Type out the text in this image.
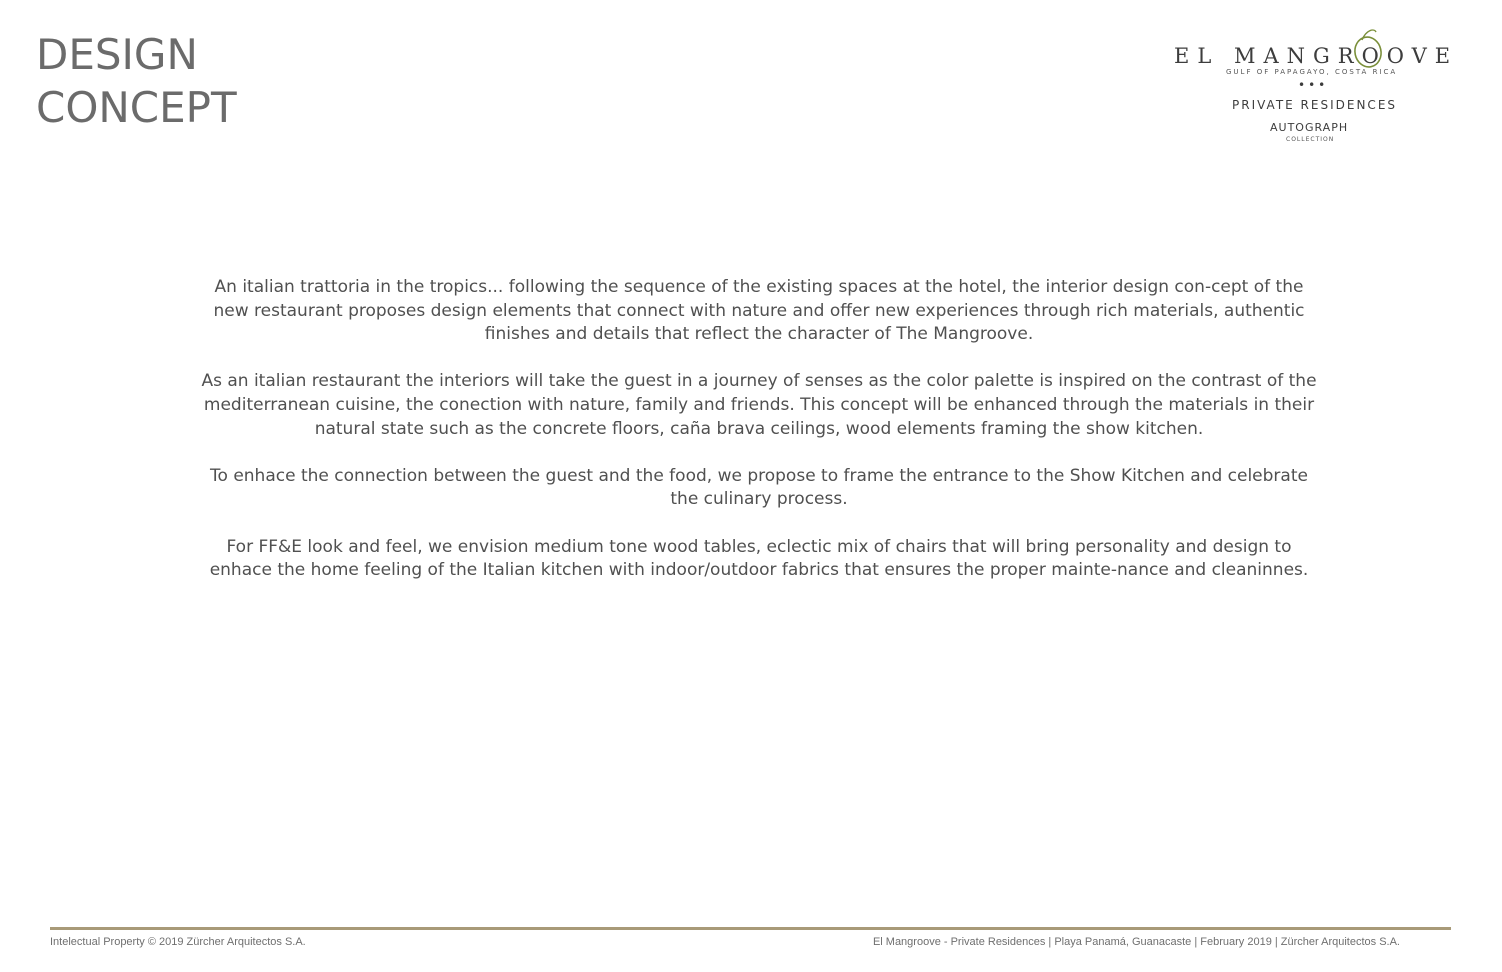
DESIGN
CONCEPT
EL MANGROOVE
GULF OF PAPAGAYO, COSTA RICA
•••
PRIVATE RESIDENCES
AUTOGRAPH
COLLECTION

An italian trattoria in the tropics... following the sequence of the existing spaces at the hotel, the interior design con-cept of the new restaurant proposes design elements that connect with nature and offer new experiences through rich materials, authentic finishes and details that reflect the character of The Mangroove.

As an italian restaurant the interiors will take the guest in a journey of senses as the color palette is inspired on the contrast of the mediterranean cuisine, the conection with nature, family and friends. This concept will be enhanced through the materials in their natural state such as the concrete floors, caña brava ceilings, wood elements framing the show kitchen.

To enhace the connection between the guest and the food, we propose to frame the entrance to the Show Kitchen and celebrate the culinary process.

For FF&E look and feel, we envision medium tone wood tables, eclectic mix of chairs that will bring personality and design to enhace the home feeling of the Italian kitchen with indoor/outdoor fabrics that ensures the proper mainte-nance and cleaninnes.

Intelectual Property © 2019 Zürcher Arquitectos S.A.	El Mangroove - Private Residences | Playa Panamá, Guanacaste | February 2019 | Zürcher Arquitectos S.A.
